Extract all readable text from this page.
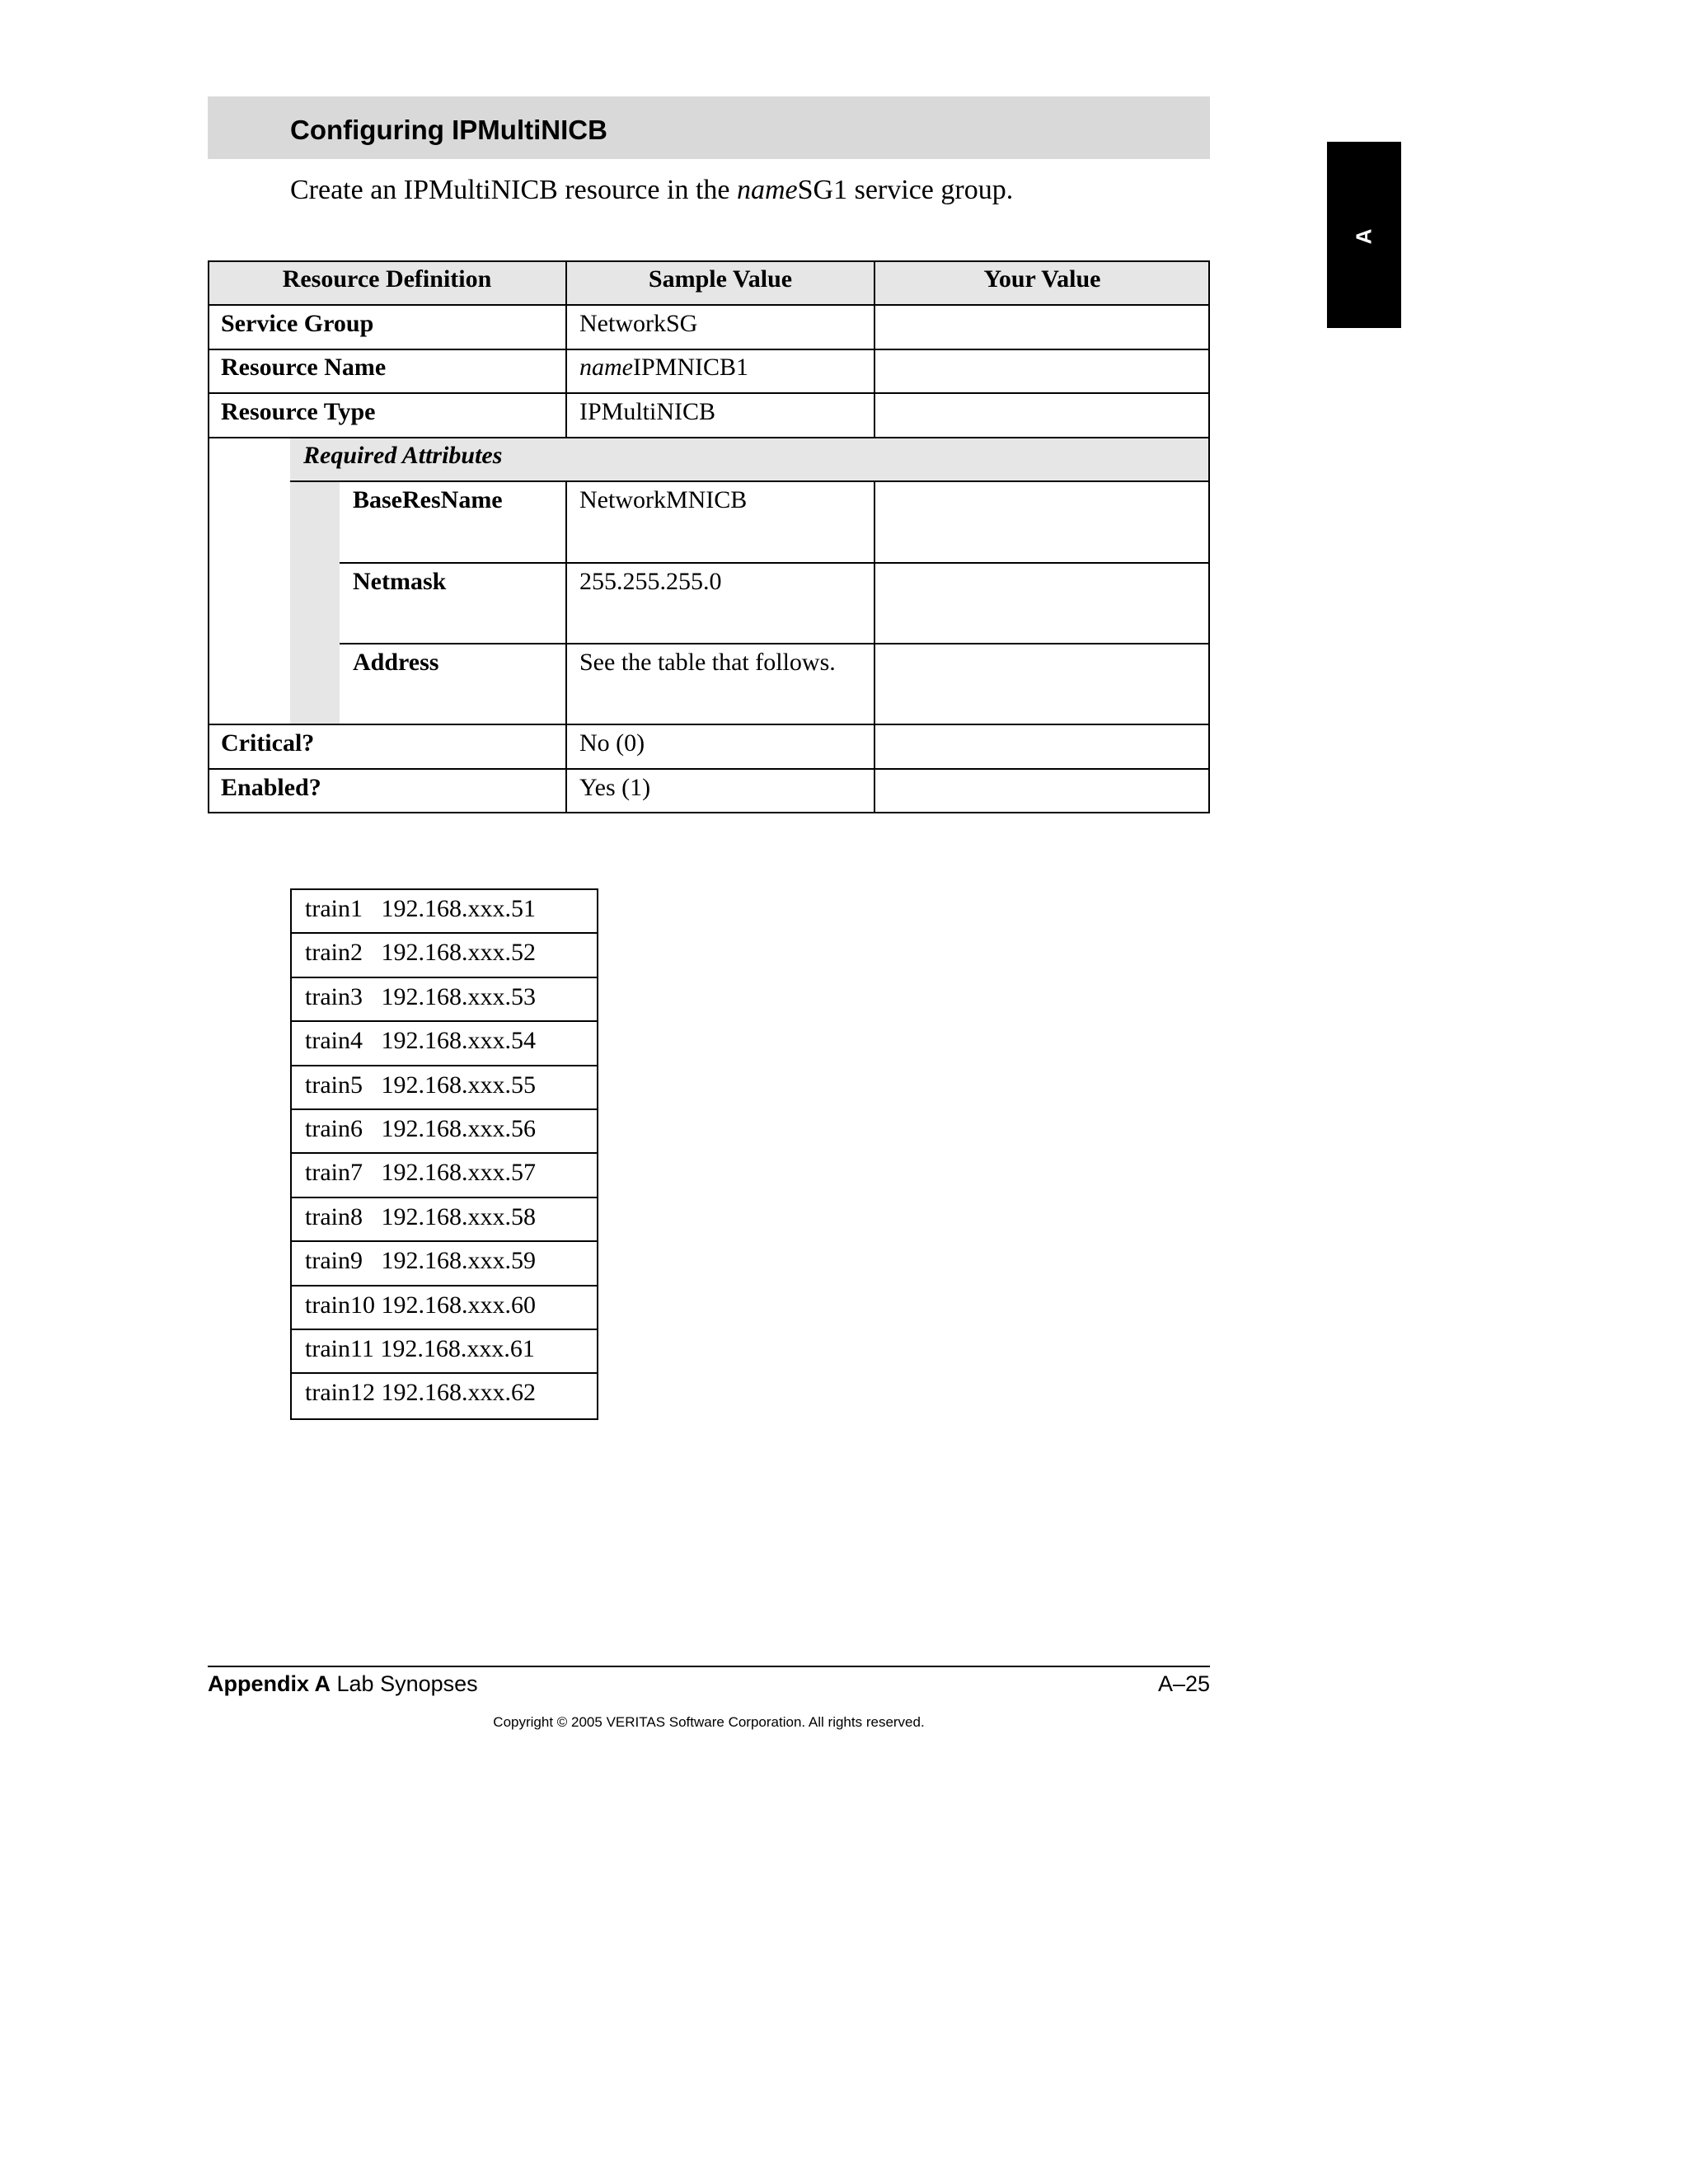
Configuring IPMultiNICB
Create an IPMultiNICB resource in the nameSG1 service group.
A
Resource Definition	Sample Value	Your Value
Service Group	NetworkSG
Resource Name	nameIPMNICB1
Resource Type	IPMultiNICB
Required Attributes
BaseResName	NetworkMNICB
Netmask	255.255.255.0
Address	See the table that follows.
Critical?	No (0)
Enabled?	Yes (1)
train1   192.168.xxx.51
train2   192.168.xxx.52
train3   192.168.xxx.53
train4   192.168.xxx.54
train5   192.168.xxx.55
train6   192.168.xxx.56
train7   192.168.xxx.57
train8   192.168.xxx.58
train9   192.168.xxx.59
train10 192.168.xxx.60
train11 192.168.xxx.61
train12 192.168.xxx.62
Appendix A Lab Synopses	A–25
Copyright © 2005 VERITAS Software Corporation. All rights reserved.
